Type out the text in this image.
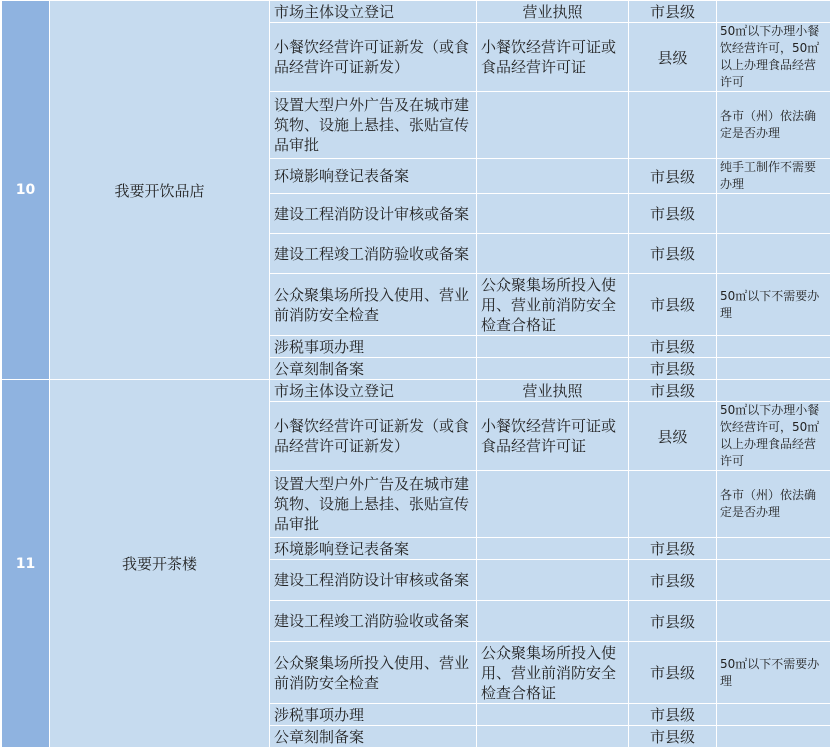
10	我要开饮品店	市场主体设立登记	营业执照	市县级	
		小餐饮经营许可证新发（或食品经营许可证新发）	小餐饮经营许可证或食品经营许可证	县级	50㎡以下办理小餐饮经营许可，50㎡以上办理食品经营许可
		设置大型户外广告及在城市建筑物、设施上悬挂、张贴宣传品审批			各市（州）依法确定是否办理
		环境影响登记表备案		市县级	纯手工制作不需要办理
		建设工程消防设计审核或备案		市县级	
		建设工程竣工消防验收或备案		市县级	
		公众聚集场所投入使用、营业前消防安全检查	公众聚集场所投入使用、营业前消防安全检查合格证	市县级	50㎡以下不需要办理
		涉税事项办理		市县级	
		公章刻制备案		市县级	
11	我要开茶楼	市场主体设立登记	营业执照	市县级	
		小餐饮经营许可证新发（或食品经营许可证新发）	小餐饮经营许可证或食品经营许可证	县级	50㎡以下办理小餐饮经营许可，50㎡以上办理食品经营许可
		设置大型户外广告及在城市建筑物、设施上悬挂、张贴宣传品审批			各市（州）依法确定是否办理
		环境影响登记表备案		市县级	
		建设工程消防设计审核或备案		市县级	
		建设工程竣工消防验收或备案		市县级	
		公众聚集场所投入使用、营业前消防安全检查	公众聚集场所投入使用、营业前消防安全检查合格证	市县级	50㎡以下不需要办理
		涉税事项办理		市县级	
		公章刻制备案		市县级	
